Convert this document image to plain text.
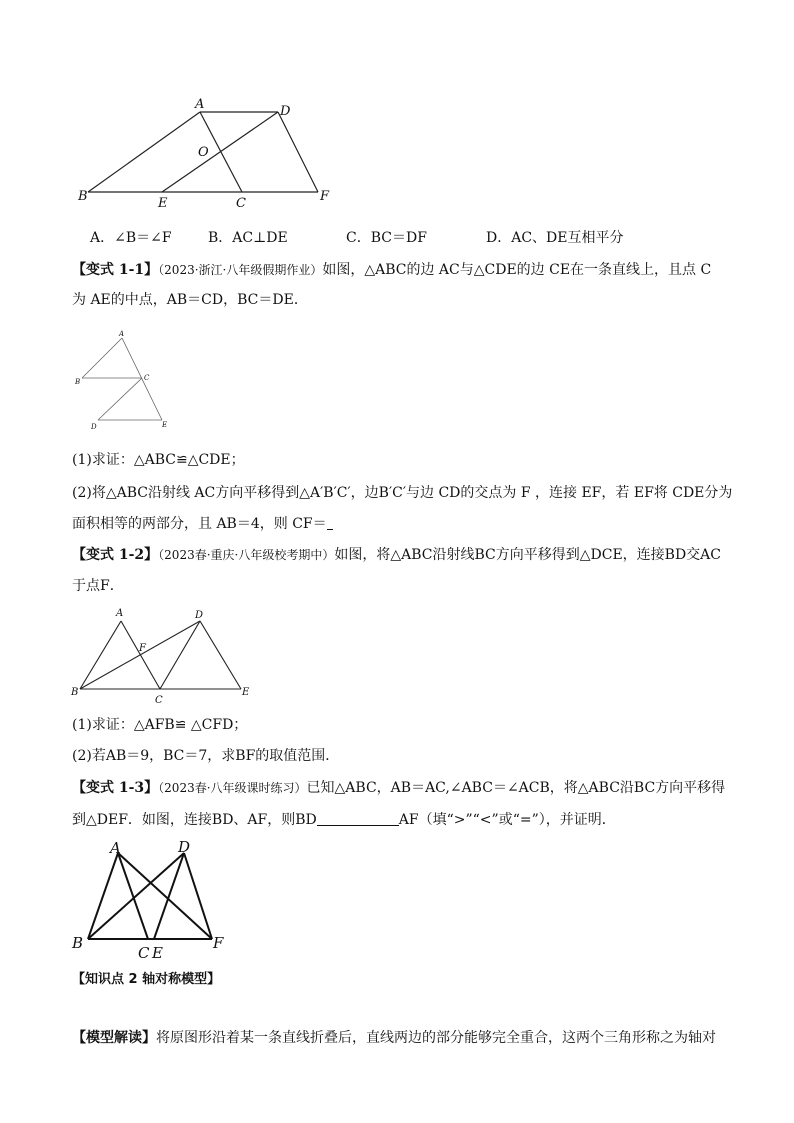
A	D
O
B	E	C	F
A．∠B＝∠F	B．AC⊥DE	C．BC＝DF	D．AC、DE互相平分
【变式 1-1】（2023·浙江·八年级假期作业）如图，△ABC的边 AC与△CDE的边 CE在一条直线上，且点 C
为 AE的中点，AB＝CD，BC＝DE．
A
B	C
D	E
(1)求证：△ABC≌△CDE；
(2)将△ABC沿射线 AC方向平移得到△A′B′C′，边B′C′与边 CD的交点为 F ，连接 EF，若 EF将 CDE分为
面积相等的两部分，且 AB＝4，则 CF＝
【变式 1-2】（2023春·重庆·八年级校考期中）如图，将△ABC沿射线BC方向平移得到△DCE，连接BD交AC
于点F．
A	D
F
B
C
E
(1)求证：△AFB≌ △CFD；
(2)若AB＝9，BC＝7，求BF的取值范围．
【变式 1-3】（2023春·八年级课时练习）已知△ABC，AB＝AC,∠ABC＝∠ACB，将△ABC沿BC方向平移得
到△DEF．如图，连接BD、AF，则BD	AF（填“>”“<”或“=”），并证明．
A	D
B
C E
F
【知识点 2 轴对称模型】
【模型解读】将原图形沿着某一条直线折叠后，直线两边的部分能够完全重合，这两个三角形称之为轴对
